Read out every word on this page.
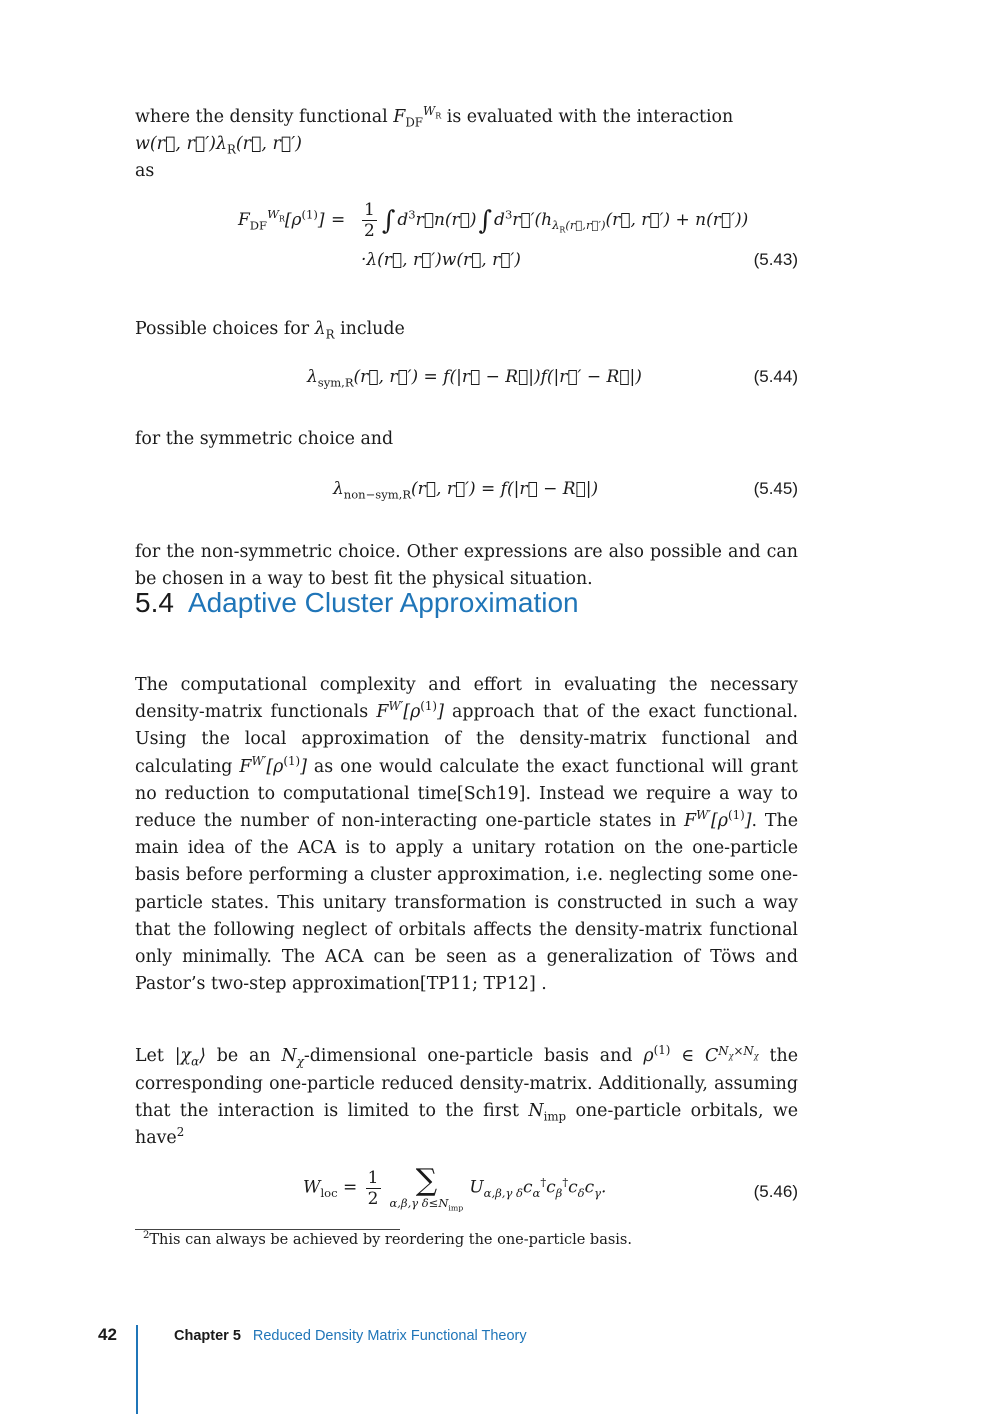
where the density functional $F_{DF}^{W_R}$ is evaluated with the interaction w(r⃗, $r⃗')\lambda_R(r⃗$, r⃗′)
as

$F_{DF}^{W_R}[\rho^{(1)}] = \frac{1}{2}$ ∫ $d^3r⃗n(r⃗)\int$ $d^3r⃗'(h_{\lambda_R(r⃗,r⃗')}(r⃗$, r⃗′) + n(r⃗′))
·λ(r⃗, r⃗′)w(r⃗, r⃗′)	(5.43)

Possible choices for $\lambda_R$ include

$\lambda_{sym,R}(r⃗$, r⃗′) = f(|r⃗ − R⃗|)f(|r⃗′ − R⃗|)	(5.44)

for the symmetric choice and

$\lambda_{non-sym,R}(r⃗$, r⃗′) = f(|r⃗ − R⃗|)	(5.45)

for the non-symmetric choice. Other expressions are also possible and can be chosen in a way to best fit the physical situation.

5.4 Adaptive Cluster Approximation

The computational complexity and effort in evaluating the necessary density-matrix functionals $F^{W'}[\rho^{(1)}]$ approach that of the exact functional. Using the local approximation of the density-matrix functional and calculating $F^{W'}[\rho^{(1)}]$ as one would calculate the exact functional will grant no reduction to computational time[Sch19]. Instead we require a way to reduce the number of non-interacting one-particle states in $F^{W'}[\rho^{(1)}]$. The main idea of the ACA is to apply a unitary rotation on the one-particle basis before performing a cluster approximation, i.e. neglecting some one-particle states. This unitary transformation is constructed in such a way that the following neglect of orbitals affects the density-matrix functional only minimally. The ACA can be seen as a generalization of Töws and Pastor’s two-step approximation[TP11; TP12] .

Let $|\chi_\alpha⟩$ be an $N_\chi$-dimensional one-particle basis and $\rho^{(1)}$ ∈ $C^{N_\chi\times N_\chi}$ the corresponding one-particle reduced density-matrix. Additionally, assuming that the interaction is limited to the first $N_{imp}$ one-particle orbitals, we have$^2$

$W_{loc} = \frac{1}{2}$	∑
α,β,γ $\delta\le N_{imp}$
$U_{\alpha,\beta,\gamma \delta}c_\alpha^\dagger c_\beta^\dagger c_\delta c_\gamma$.	(5.46)
$^2$This can always be achieved by reordering the one-particle basis.
42	Chapter 5 Reduced Density Matrix Functional Theory
